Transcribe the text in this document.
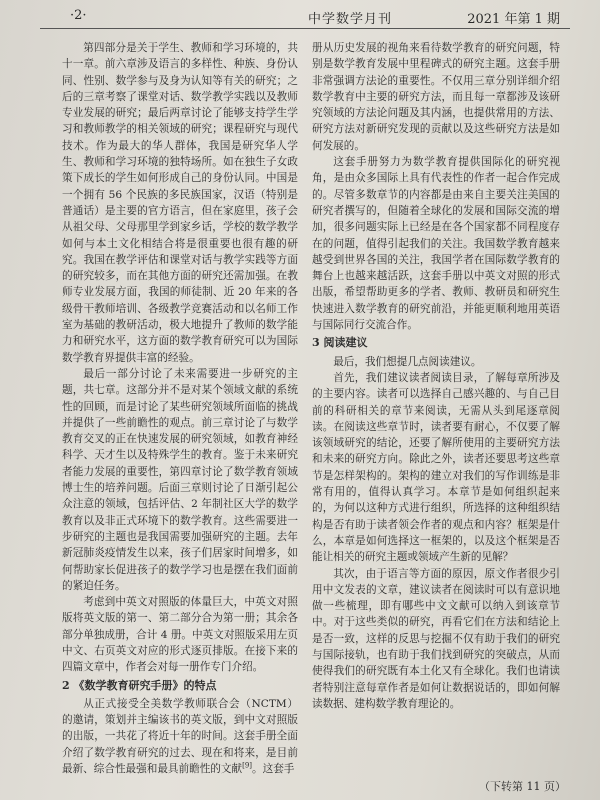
·2·	中学数学月刊	2021 年第 1 期

第四部分是关于学生、教师和学习环境的，共十一章。前六章涉及语言的多样性、种族、身份认同、性别、数学参与及身为认知等有关的研究；之后的三章考察了课堂对话、数学教学实践以及教师专业发展的研究；最后两章讨论了能够支持学生学习和教师教学的相关领域的研究；课程研究与现代技术。作为最大的华人群体，我国是研究华人学生、教师和学习环境的独特场所。如在独生子女政策下成长的学生如何形成自己的身份认同。中国是一个拥有 56 个民族的多民族国家，汉语（特别是普通话）是主要的官方语言，但在家庭里，孩子会从祖父母、父母那里学到家乡话，学校的数学教学如何与本土文化相结合将是很重要也很有趣的研究。我国在教学评估和课堂对话与教学实践等方面的研究较多，而在其他方面的研究还需加强。在教师专业发展方面，我国的师徒制、近 20 年来的各级骨干教师培训、各级教学竞赛活动和以名师工作室为基础的教研活动，极大地提升了教师的数学能力和研究水平，这方面的数学教育研究可以为国际数学教育界提供丰富的经验。

最后一部分讨论了未来需要进一步研究的主题，共七章。这部分并不是对某个领域文献的系统性的回顾，而是讨论了某些研究领域所面临的挑战并提供了一些前瞻性的观点。前三章讨论了与数学教育交叉的正在快速发展的研究领域，如教育神经科学、天才生以及特殊学生的教育。鉴于未来研究者能力发展的重要性，第四章讨论了数学教育领域博士生的培养问题。后面三章则讨论了日渐引起公众注意的领域，包括评估、2 年制社区大学的数学教育以及非正式环境下的数学教育。这些需要进一步研究的主题也是我国需要加强研究的主题。去年新冠肺炎疫情发生以来，孩子们居家时间增多，如何帮助家长促进孩子的数学学习也是摆在我们面前的紧迫任务。

考虑到中英文对照版的体量巨大，中英文对照版将英文版的第一、第二部分合为第一册；其余各部分单独成册，合计 4 册。中英文对照版采用左页中文、右页英文对应的形式逐页排版。在接下来的四篇文章中，作者会对每一册作专门介绍。

2 《数学教育研究手册》的特点

从正式接受全美数学教师联合会（NCTM）的邀请，策划并主编该书的英文版，到中文对照版的出版，一共花了将近十年的时间。这套手册全面介绍了数学教育研究的过去、现在和将来，是目前最新、综合性最强和最具前瞻性的文献[9]。这套手

册从历史发展的视角来看待数学教育的研究问题，特别是数学教育发展中里程碑式的研究主题。这套手册非常强调方法论的重要性。不仅用三章分别详细介绍数学教育中主要的研究方法，而且每一章都涉及该研究领域的方法论问题及其内涵，也提供常用的方法、研究方法对新研究发现的贡献以及这些研究方法是如何发展的。

这套手册努力为数学教育提供国际化的研究视角，是由众多国际上具有代表性的作者一起合作完成的。尽管多数章节的内容都是由来自主要关注美国的研究者撰写的，但随着全球化的发展和国际交流的增加，很多问题实际上已经是在各个国家都不同程度存在的问题，值得引起我们的关注。我国数学教育越来越受到世界各国的关注，我国学者在国际数学教育的舞台上也越来越活跃，这套手册以中英文对照的形式出版，希望帮助更多的学者、教师、教研员和研究生快速进入数学教育的研究前沿，并能更顺利地用英语与国际同行交流合作。

3 阅读建议

最后，我们想提几点阅读建议。

首先，我们建议读者阅读目录，了解每章所涉及的主要内容。读者可以选择自己感兴趣的、与自己目前的科研相关的章节来阅读，无需从头到尾逐章阅读。在阅读这些章节时，读者要有耐心，不仅要了解该领域研究的结论，还要了解所使用的主要研究方法和未来的研究方向。除此之外，读者还要思考这些章节是怎样架构的。架构的建立对我们的写作训练是非常有用的，值得认真学习。本章节是如何组织起来的，为何以这种方式进行组织，所选择的这种组织结构是否有助于读者领会作者的观点和内容？框架是什么，本章是如何选择这一框架的，以及这个框架是否能让相关的研究主题或领域产生新的见解？

其次，由于语言等方面的原因，原文作者很少引用中文发表的文章，建议读者在阅读时可以有意识地做一些梳理，即有哪些中文文献可以纳入到该章节中。对于这些类似的研究，再看它们在方法和结论上是否一致，这样的反思与挖掘不仅有助于我们的研究与国际接轨，也有助于我们找到研究的突破点，从而使得我们的研究既有本土化又有全球化。我们也请读者特别注意每章作者是如何让数据说话的，即如何解读数据、建构数学教育理论的。

（下转第 11 页）
